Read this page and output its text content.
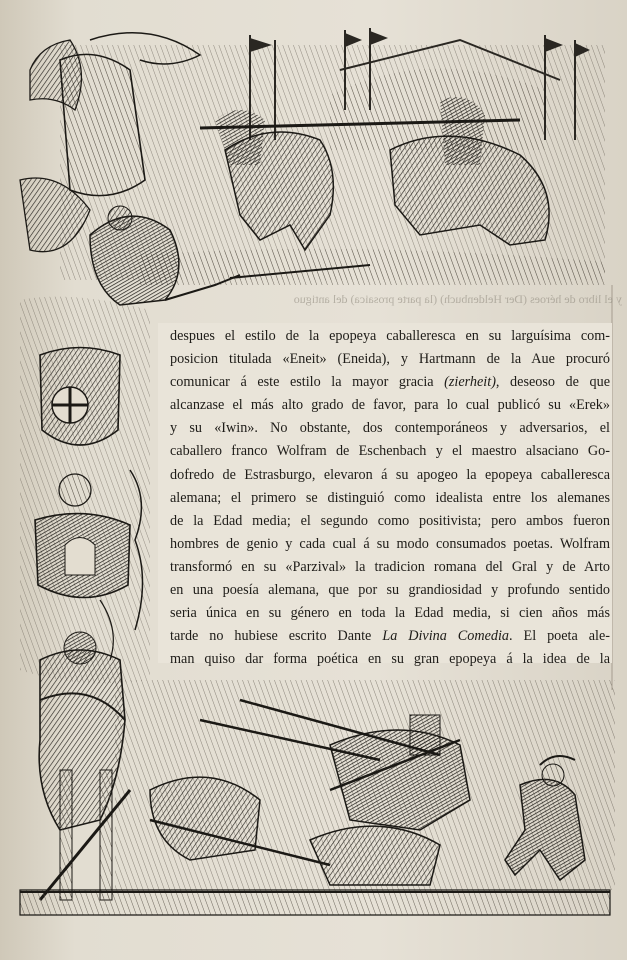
y el libro de héroes (Der Heldenbuch) (la parte prosaica) del antiguo
despues el estilo de la epopeya caballeresca en su larguísima com-
posicion titulada «Eneit» (Eneida), y Hartmann de la Aue procuró
comunicar á este estilo la mayor gracia (zierheit), deseoso de que
alcanzase el más alto grado de favor, para lo cual publicó su «Erek»
y su «Iwin». No obstante, dos contemporáneos y adversarios, el
caballero franco Wolfram de Eschenbach y el maestro alsaciano Go-
dofredo de Estrasburgo, elevaron á su apogeo la epopeya caballeresca
alemana; el primero se distinguió como idealista entre los alemanes
de la Edad media; el segundo como positivista; pero ambos fueron
hombres de genio y cada cual á su modo consumados poetas. Wolfram
transformó en su «Parzival» la tradicion romana del Gral y de Arto
en una poesía alemana, que por su grandiosidad y profundo sentido
seria única en su género en toda la Edad media, si cien años más
tarde no hubiese escrito Dante La Divina Comedia. El poeta ale-
man quiso dar forma poética en su gran epopeya á la idea de la
